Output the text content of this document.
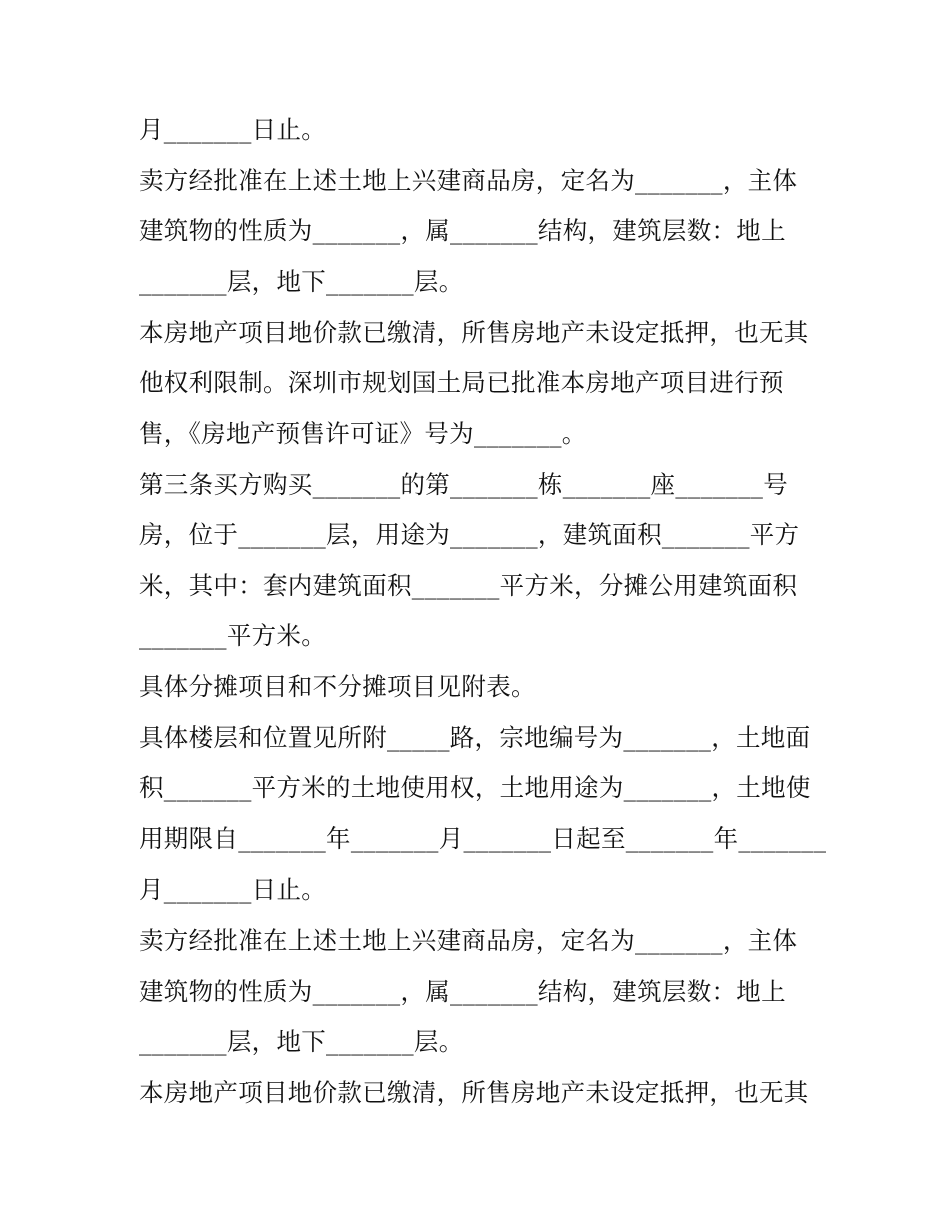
月_______日止。

卖方经批准在上述土地上兴建商品房，定名为_______，主体

建筑物的性质为_______，属_______结构，建筑层数：地上

_______层，地下_______层。

本房地产项目地价款已缴清，所售房地产未设定抵押，也无其

他权利限制。深圳市规划国土局已批准本房地产项目进行预

售，《房地产预售许可证》号为_______。

第三条买方购买_______的第_______栋_______座_______号

房，位于_______层，用途为_______，建筑面积_______平方

米，其中：套内建筑面积_______平方米，分摊公用建筑面积

_______平方米。

具体分摊项目和不分摊项目见附表。

具体楼层和位置见所附_____路，宗地编号为_______，土地面

积_______平方米的土地使用权，土地用途为_______，土地使

用期限自_______年_______月_______日起至_______年_______

月_______日止。

卖方经批准在上述土地上兴建商品房，定名为_______，主体

建筑物的性质为_______，属_______结构，建筑层数：地上

_______层，地下_______层。

本房地产项目地价款已缴清，所售房地产未设定抵押，也无其
